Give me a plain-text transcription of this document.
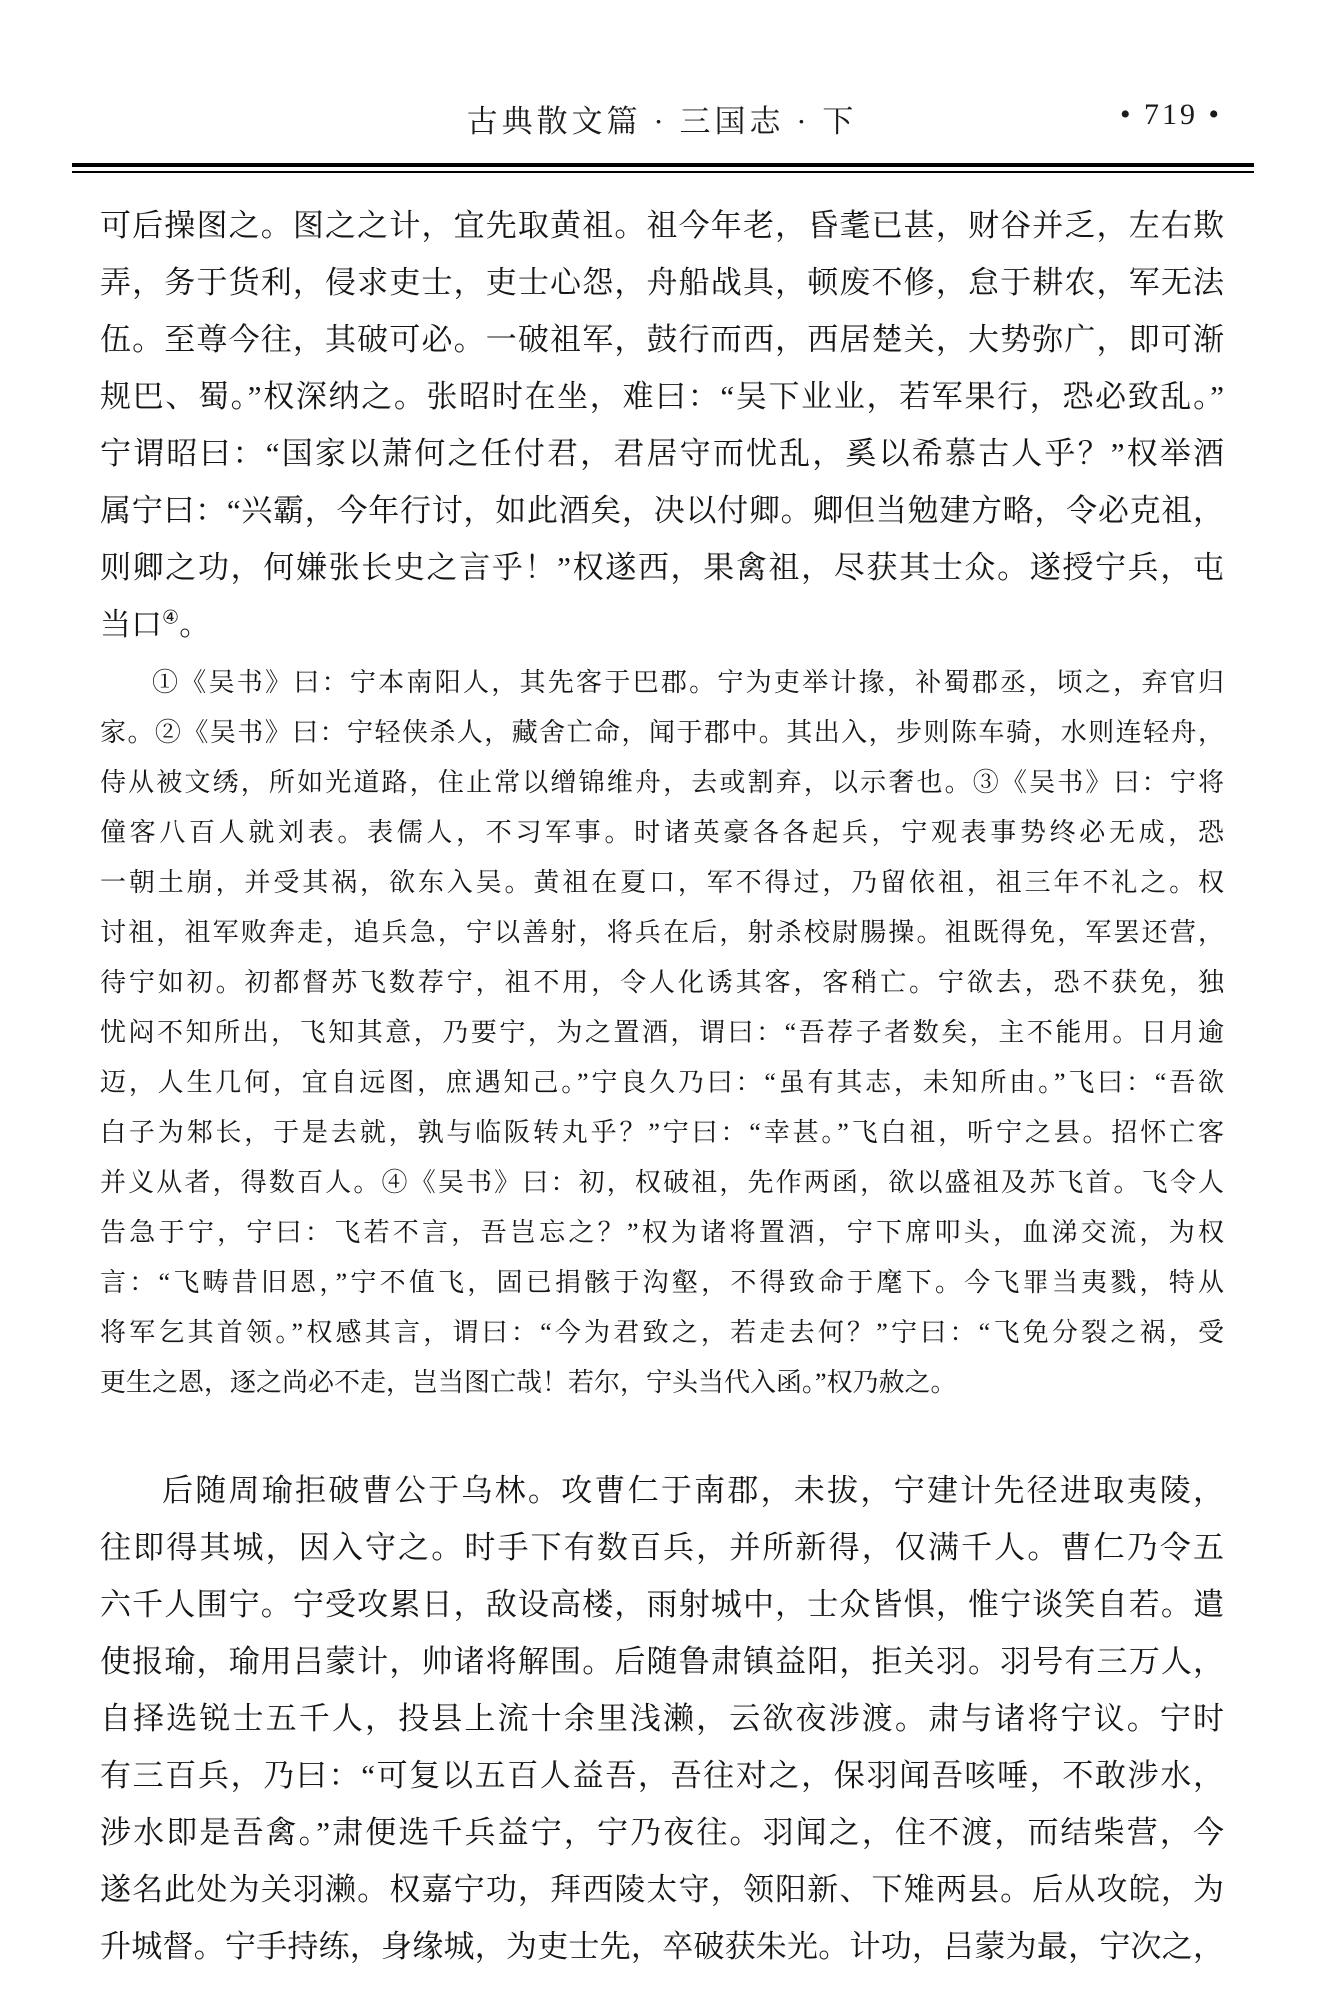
古典散文篇 · 三国志 · 下	• 719 •
可后操图之。图之之计，宜先取黄祖。祖今年老，昏耄已甚，财谷并乏，左右欺
弄，务于货利，侵求吏士，吏士心怨，舟船战具，顿废不修，怠于耕农，军无法
伍。至尊今往，其破可必。一破祖军，鼓行而西，西居楚关，大势弥广，即可渐
规巴、蜀。”权深纳之。张昭时在坐，难曰：“吴下业业，若军果行，恐必致乱。”
宁谓昭曰：“国家以萧何之任付君，君居守而忧乱，奚以希慕古人乎？”权举酒
属宁曰：“兴霸，今年行讨，如此酒矣，决以付卿。卿但当勉建方略，令必克祖，
则卿之功，何嫌张长史之言乎！”权遂西，果禽祖，尽获其士众。遂授宁兵，屯
当口④。
①《吴书》曰：宁本南阳人，其先客于巴郡。宁为吏举计掾，补蜀郡丞，顷之，弃官归
家。②《吴书》曰：宁轻侠杀人，藏舍亡命，闻于郡中。其出入，步则陈车骑，水则连轻舟，
侍从被文绣，所如光道路，住止常以缯锦维舟，去或割弃，以示奢也。③《吴书》曰：宁将
僮客八百人就刘表。表儒人，不习军事。时诸英豪各各起兵，宁观表事势终必无成，恐
一朝土崩，并受其祸，欲东入吴。黄祖在夏口，军不得过，乃留依祖，祖三年不礼之。权
讨祖，祖军败奔走，追兵急，宁以善射，将兵在后，射杀校尉腸操。祖既得免，军罢还营，
待宁如初。初都督苏飞数荐宁，祖不用，令人化诱其客，客稍亡。宁欲去，恐不获免，独
忧闷不知所出，飞知其意，乃要宁，为之置酒，谓曰：“吾荐子者数矣，主不能用。日月逾
迈，人生几何，宜自远图，庶遇知己。”宁良久乃曰：“虽有其志，未知所由。”飞曰：“吾欲
白子为邾长，于是去就，孰与临阪转丸乎？”宁曰：“幸甚。”飞白祖，听宁之县。招怀亡客
并义从者，得数百人。④《吴书》曰：初，权破祖，先作两函，欲以盛祖及苏飞首。飞令人
告急于宁，宁曰：飞若不言，吾岂忘之？”权为诸将置酒，宁下席叩头，血涕交流，为权
言：“飞畴昔旧恩，”宁不值飞，固已捐骸于沟壑，不得致命于麾下。今飞罪当夷戮，特从
将军乞其首领。”权感其言，谓曰：“今为君致之，若走去何？”宁曰：“飞免分裂之祸，受
更生之恩，逐之尚必不走，岂当图亡哉！若尔，宁头当代入函。”权乃赦之。
后随周瑜拒破曹公于乌林。攻曹仁于南郡，未拔，宁建计先径进取夷陵，
往即得其城，因入守之。时手下有数百兵，并所新得，仅满千人。曹仁乃令五
六千人围宁。宁受攻累日，敌设高楼，雨射城中，士众皆惧，惟宁谈笑自若。遣
使报瑜，瑜用吕蒙计，帅诸将解围。后随鲁肃镇益阳，拒关羽。羽号有三万人，
自择选锐士五千人，投县上流十余里浅濑，云欲夜涉渡。肃与诸将宁议。宁时
有三百兵，乃曰：“可复以五百人益吾，吾往对之，保羽闻吾咳唾，不敢涉水，
涉水即是吾禽。”肃便选千兵益宁，宁乃夜往。羽闻之，住不渡，而结柴营，今
遂名此处为关羽濑。权嘉宁功，拜西陵太守，领阳新、下雉两县。后从攻皖，为
升城督。宁手持练，身缘城，为吏士先，卒破获朱光。计功，吕蒙为最，宁次之，
